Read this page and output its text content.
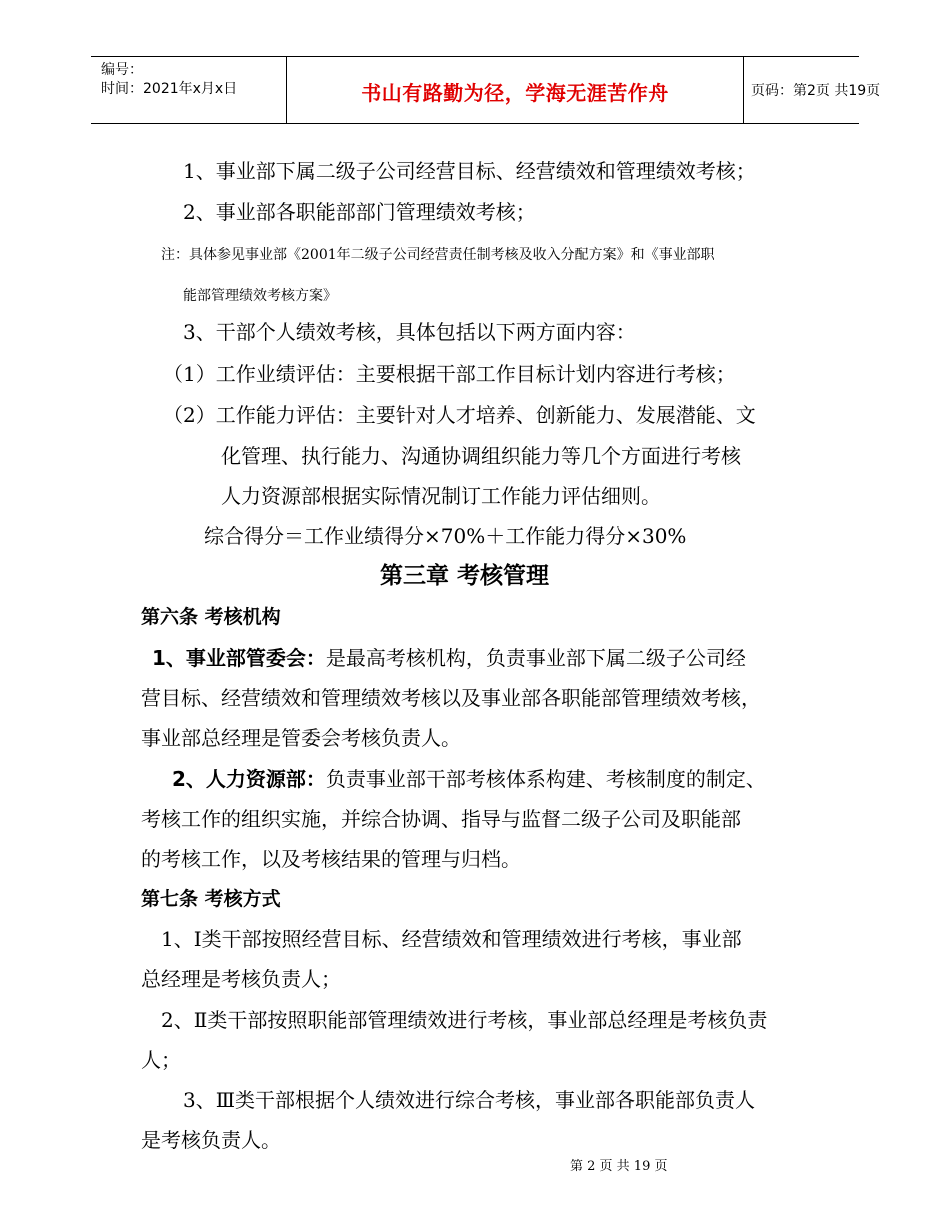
编号：
时间：2021年x月x日	书山有路勤为径，学海无涯苦作舟	页码：第2页 共19页
1、事业部下属二级子公司经营目标、经营绩效和管理绩效考核；
2、事业部各职能部部门管理绩效考核；
注：具体参见事业部《2001年二级子公司经营责任制考核及收入分配方案》和《事业部职
能部管理绩效考核方案》
3、干部个人绩效考核，具体包括以下两方面内容：
（1）工作业绩评估：主要根据干部工作目标计划内容进行考核；
（2）工作能力评估：主要针对人才培养、创新能力、发展潜能、文
化管理、执行能力、沟通协调组织能力等几个方面进行考核
人力资源部根据实际情况制订工作能力评估细则。
综合得分＝工作业绩得分×70%＋工作能力得分×30%
第三章 考核管理
第六条 考核机构
1、事业部管委会：是最高考核机构，负责事业部下属二级子公司经
营目标、经营绩效和管理绩效考核以及事业部各职能部管理绩效考核，
事业部总经理是管委会考核负责人。
2、人力资源部：负责事业部干部考核体系构建、考核制度的制定、
考核工作的组织实施，并综合协调、指导与监督二级子公司及职能部
的考核工作，以及考核结果的管理与归档。
第七条 考核方式
1、Ⅰ类干部按照经营目标、经营绩效和管理绩效进行考核，事业部
总经理是考核负责人；
2、Ⅱ类干部按照职能部管理绩效进行考核，事业部总经理是考核负责
人；
3、Ⅲ类干部根据个人绩效进行综合考核，事业部各职能部负责人
是考核负责人。
第 2 页 共 19 页
